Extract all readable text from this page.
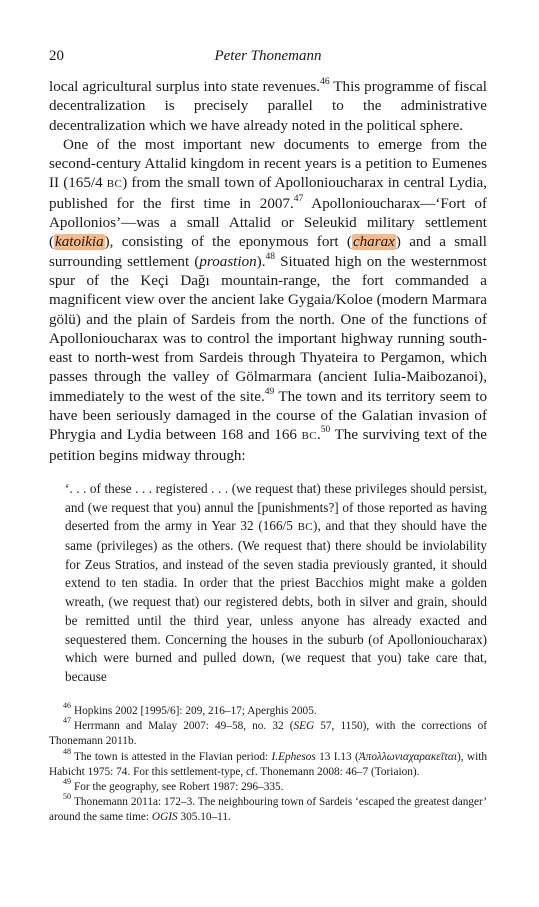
20	Peter Thonemann

local agricultural surplus into state revenues.$^{46}$ This programme of fiscal decentralization is precisely parallel to the administrative decentralization which we have already noted in the political sphere.

One of the most important new documents to emerge from the second-century Attalid kingdom in recent years is a petition to Eumenes II (165/4 BC) from the small town of Apollonioucharax in central Lydia, published for the first time in 2007.47 Apollonioucharax—‘Fort of Apollonios’—was a small Attalid or Seleukid military settlement (katoikia), consisting of the eponymous fort (charax) and a small surrounding settlement (proastion).$^{48}$ Situated high on the westernmost spur of the Keçi Dağı mountain-range, the fort commanded a magnificent view over the ancient lake Gygaia/Koloe (modern Marmara gölü) and the plain of Sardeis from the north. One of the functions of Apollonioucharax was to control the important highway running south-east to north-west from Sardeis through Thyateira to Pergamon, which passes through the valley of Gölmarmara (ancient Iulia-Maibozanoi), immediately to the west of the site.$^{49}$ The town and its territory seem to have been seriously damaged in the course of the Galatian invasion of Phrygia and Lydia between 168 and 166 BC.$^{50}$ The surviving text of the petition begins midway through:

‘. . . of these . . . registered . . . (we request that) these privileges should persist, and (we request that you) annul the [punishments?] of those reported as having deserted from the army in Year 32 (166/5 BC), and that they should have the same (privileges) as the others. (We request that) there should be inviolability for Zeus Stratios, and instead of the seven stadia previously granted, it should extend to ten stadia. In order that the priest Bacchios might make a golden wreath, (we request that) our registered debts, both in silver and grain, should be remitted until the third year, unless anyone has already exacted and sequestered them. Concerning the houses in the suburb (of Apollonioucharax) which were burned and pulled down, (we request that you) take care that, because

$^{46}$ Hopkins 2002 [1995/6]: 209, 216–17; Aperghis 2005.

$^{47}$ Herrmann and Malay 2007: 49–58, no. 32 (SEG 57, 1150), with the corrections of Thonemann 2011b.

$^{48}$ The town is attested in the Flavian period: I.Ephesos 13 I.13 (Ἀπολλωνιαχαρακεῖται), with Habicht 1975: 74. For this settlement-type, cf. Thonemann 2008: 46–7 (Toriaion).

$^{49}$ For the geography, see Robert 1987: 296–335.

$^{50}$ Thonemann 2011a: 172–3. The neighbouring town of Sardeis ‘escaped the greatest danger’ around the same time: OGIS 305.10–11.
